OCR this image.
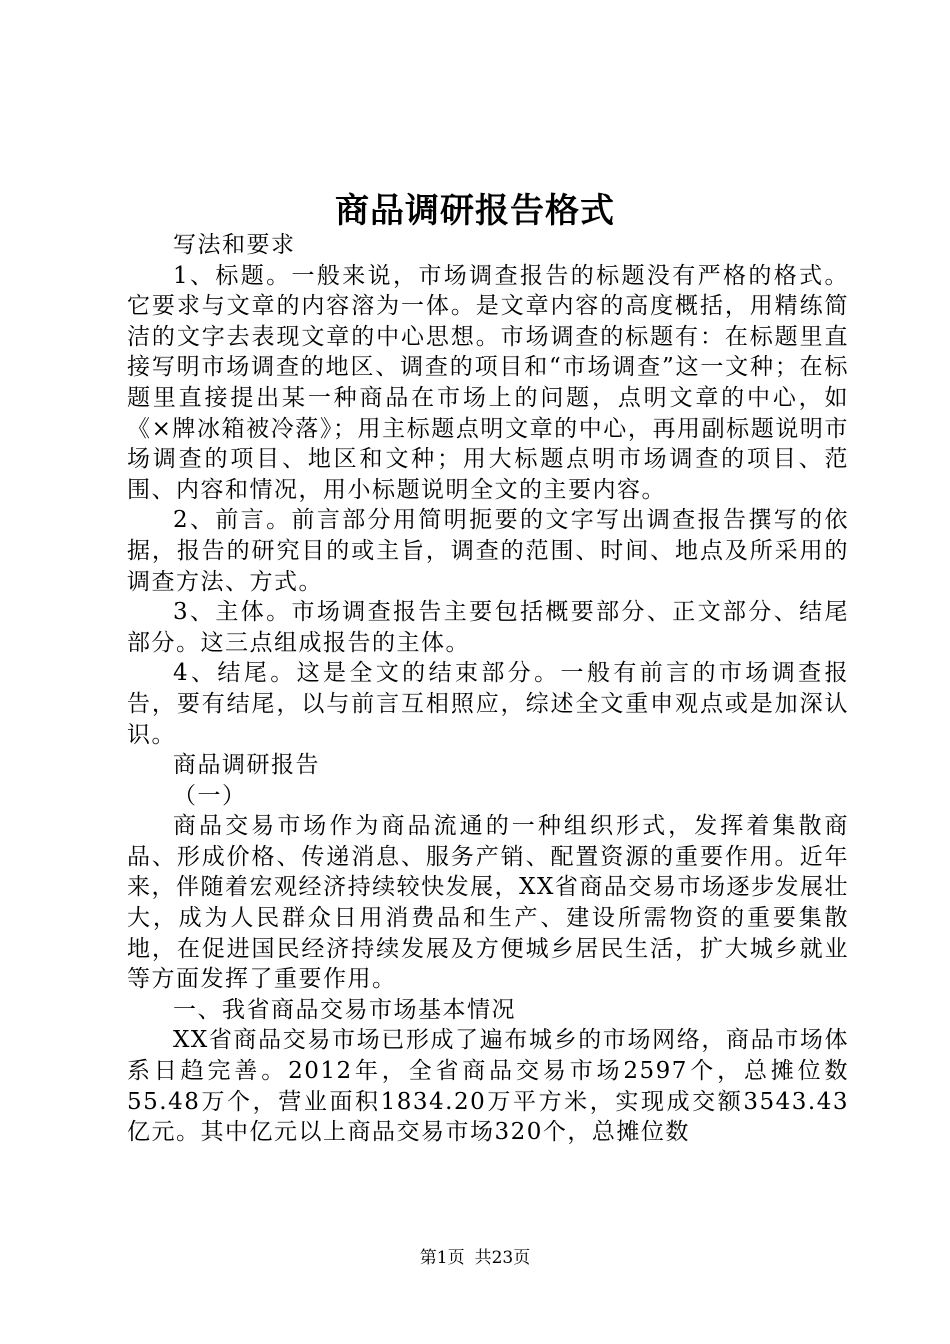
商品调研报告格式

写法和要求

1、标题。一般来说，市场调查报告的标题没有严格的格式。它要求与文章的内容溶为一体。是文章内容的高度概括，用精练简洁的文字去表现文章的中心思想。市场调查的标题有：在标题里直接写明市场调查的地区、调查的项目和“市场调查”这一文种；在标题里直接提出某一种商品在市场上的问题，点明文章的中心，如《×牌冰箱被冷落》；用主标题点明文章的中心，再用副标题说明市场调查的项目、地区和文种；用大标题点明市场调查的项目、范围、内容和情况，用小标题说明全文的主要内容。

2、前言。前言部分用简明扼要的文字写出调查报告撰写的依据，报告的研究目的或主旨，调查的范围、时间、地点及所采用的调查方法、方式。

3、主体。市场调查报告主要包括概要部分、正文部分、结尾部分。这三点组成报告的主体。

4、结尾。这是全文的结束部分。一般有前言的市场调查报告，要有结尾，以与前言互相照应，综述全文重申观点或是加深认识。

商品调研报告

（一）

商品交易市场作为商品流通的一种组织形式，发挥着集散商品、形成价格、传递消息、服务产销、配置资源的重要作用。近年来，伴随着宏观经济持续较快发展，XX省商品交易市场逐步发展壮大，成为人民群众日用消费品和生产、建设所需物资的重要集散地，在促进国民经济持续发展及方便城乡居民生活，扩大城乡就业等方面发挥了重要作用。

一、我省商品交易市场基本情况

XX省商品交易市场已形成了遍布城乡的市场网络，商品市场体系日趋完善。2012年，全省商品交易市场2597个，总摊位数55.48万个，营业面积1834.20万平方米，实现成交额3543.43亿元。其中亿元以上商品交易市场320个，总摊位数

第1页 共23页
